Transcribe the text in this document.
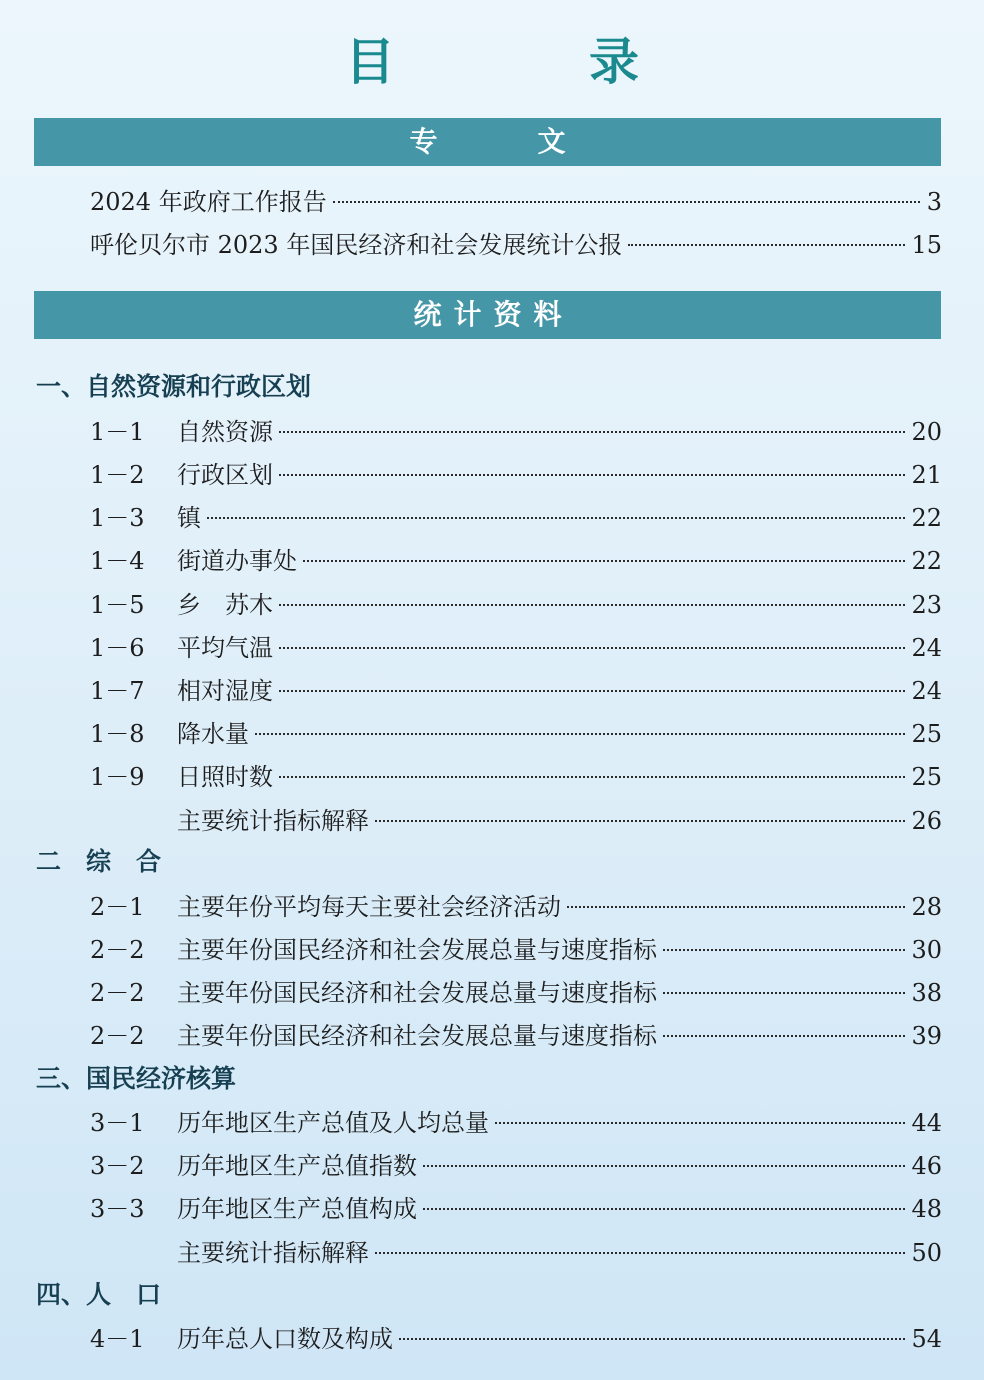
目　录
专文
2024 年政府工作报告	3
呼伦贝尔市 2023 年国民经济和社会发展统计公报	15
统计资料
一、自然资源和行政区划
1－1	自然资源	20
1－2	行政区划	21
1－3	镇	22
1－4	街道办事处	22
1－5	乡　苏木	23
1－6	平均气温	24
1－7	相对湿度	24
1－8	降水量	25
1－9	日照时数	25
主要统计指标解释	26
二　综　合
2－1	主要年份平均每天主要社会经济活动	28
2－2	主要年份国民经济和社会发展总量与速度指标	30
2－2	主要年份国民经济和社会发展总量与速度指标	38
2－2	主要年份国民经济和社会发展总量与速度指标	39
三、国民经济核算
3－1	历年地区生产总值及人均总量	44
3－2	历年地区生产总值指数	46
3－3	历年地区生产总值构成	48
主要统计指标解释	50
四、人　口
4－1	历年总人口数及构成	54
